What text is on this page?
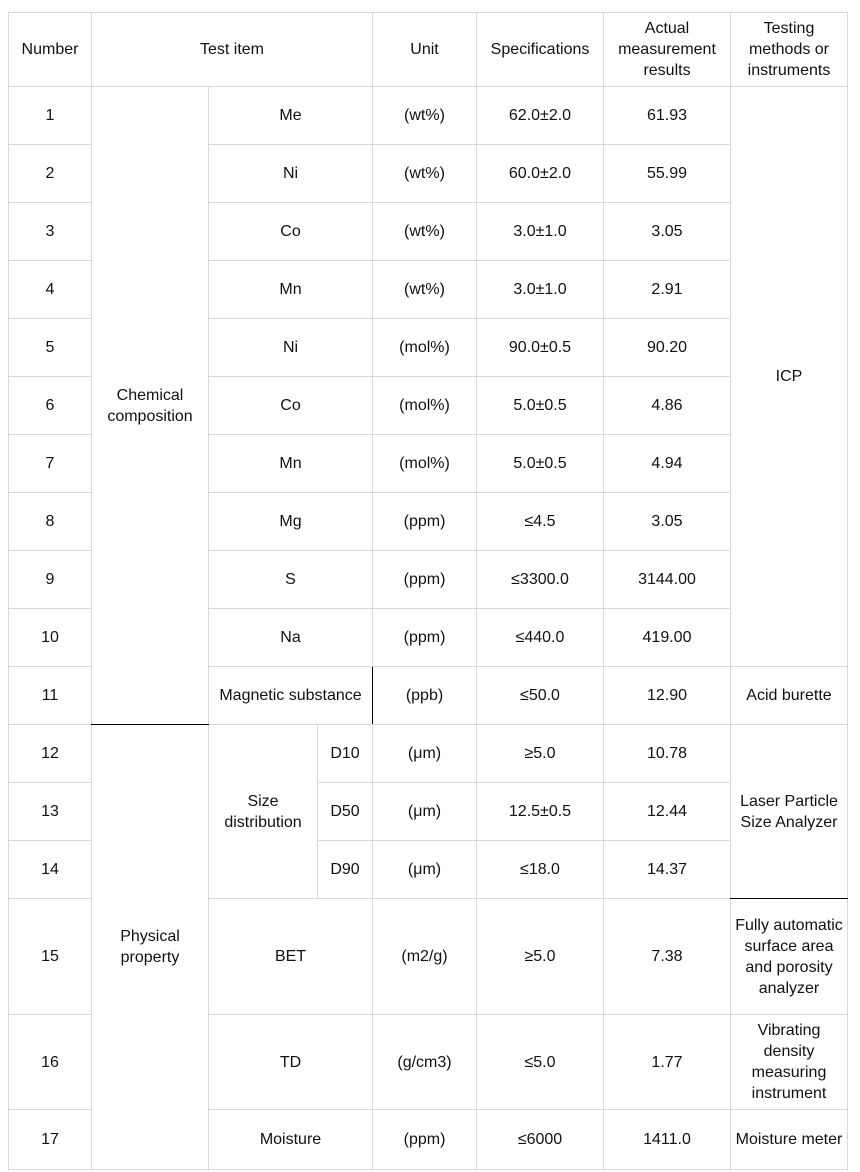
Number	Test item			Unit	Specifications	Actual measurement results	Testing methods or instruments
1	Chemical composition	Me		(wt%)	62.0±2.0	61.93	ICP
2		Ni		(wt%)	60.0±2.0	55.99	
3		Co		(wt%)	3.0±1.0	3.05	
4		Mn		(wt%)	3.0±1.0	2.91	
5		Ni		(mol%)	90.0±0.5	90.20	
6		Co		(mol%)	5.0±0.5	4.86	
7		Mn		(mol%)	5.0±0.5	4.94	
8		Mg		(ppm)	≤4.5	3.05	
9		S		(ppm)	≤3300.0	3144.00	
10		Na		(ppm)	≤440.0	419.00	
11		Magnetic substance		(ppb)	≤50.0	12.90	Acid burette
12	Physical property	Size distribution	D10	(μm)	≥5.0	10.78	Laser Particle Size Analyzer
13			D50	(μm)	12.5±0.5	12.44	
14			D90	(μm)	≤18.0	14.37	
15		BET		(m2/g)	≥5.0	7.38	Fully automatic surface area and porosity analyzer
16		TD		(g/cm3)	≤5.0	1.77	Vibrating density measuring instrument
17		Moisture		(ppm)	≤6000	1411.0	Moisture meter
